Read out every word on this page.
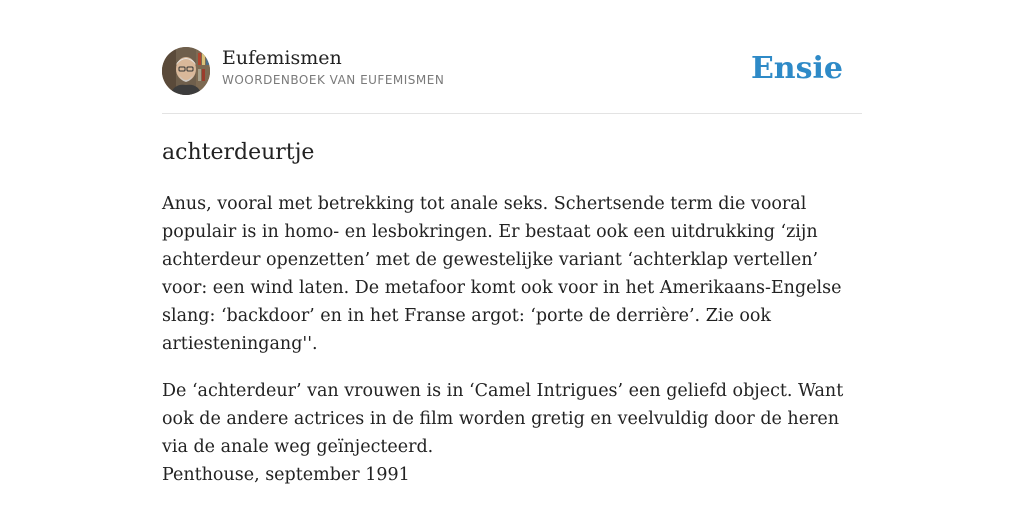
Eufemismen
WOORDENBOEK VAN EUFEMISMEN	Ensie
achterdeurtje

Anus, vooral met betrekking tot anale seks. Schertsende term die vooral populair is in homo- en lesbokringen. Er bestaat ook een uitdrukking ‘zijn achterdeur openzetten’ met de gewestelijke variant ‘achterklap vertellen’ voor: een wind laten. De metafoor komt ook voor in het Amerikaans-Engelse slang: ‘backdoor’ en in het Franse argot: ‘porte de derrière’. Zie ook artiesteningang''.

De ‘achterdeur’ van vrouwen is in ‘Camel Intrigues’ een geliefd object. Want ook de andere actrices in de film worden gretig en veelvuldig door de heren via de anale weg geïnjecteerd.

Penthouse, september 1991
